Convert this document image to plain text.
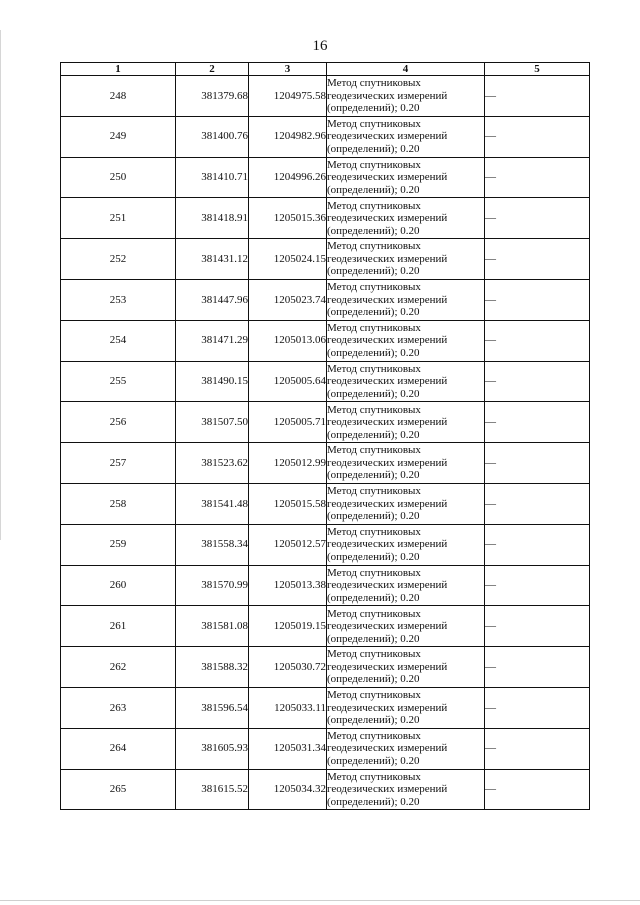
16
1	2	3	4	5
248	381379.68	1204975.58	Метод спутниковых
геодезических измерений
(определений); 0.20	—
249	381400.76	1204982.96	Метод спутниковых
геодезических измерений
(определений); 0.20	—
250	381410.71	1204996.26	Метод спутниковых
геодезических измерений
(определений); 0.20	—
251	381418.91	1205015.36	Метод спутниковых
геодезических измерений
(определений); 0.20	—
252	381431.12	1205024.15	Метод спутниковых
геодезических измерений
(определений); 0.20	—
253	381447.96	1205023.74	Метод спутниковых
геодезических измерений
(определений); 0.20	—
254	381471.29	1205013.06	Метод спутниковых
геодезических измерений
(определений); 0.20	—
255	381490.15	1205005.64	Метод спутниковых
геодезических измерений
(определений); 0.20	—
256	381507.50	1205005.71	Метод спутниковых
геодезических измерений
(определений); 0.20	—
257	381523.62	1205012.99	Метод спутниковых
геодезических измерений
(определений); 0.20	—
258	381541.48	1205015.58	Метод спутниковых
геодезических измерений
(определений); 0.20	—
259	381558.34	1205012.57	Метод спутниковых
геодезических измерений
(определений); 0.20	—
260	381570.99	1205013.38	Метод спутниковых
геодезических измерений
(определений); 0.20	—
261	381581.08	1205019.15	Метод спутниковых
геодезических измерений
(определений); 0.20	—
262	381588.32	1205030.72	Метод спутниковых
геодезических измерений
(определений); 0.20	—
263	381596.54	1205033.11	Метод спутниковых
геодезических измерений
(определений); 0.20	—
264	381605.93	1205031.34	Метод спутниковых
геодезических измерений
(определений); 0.20	—
265	381615.52	1205034.32	Метод спутниковых
геодезических измерений
(определений); 0.20	—
